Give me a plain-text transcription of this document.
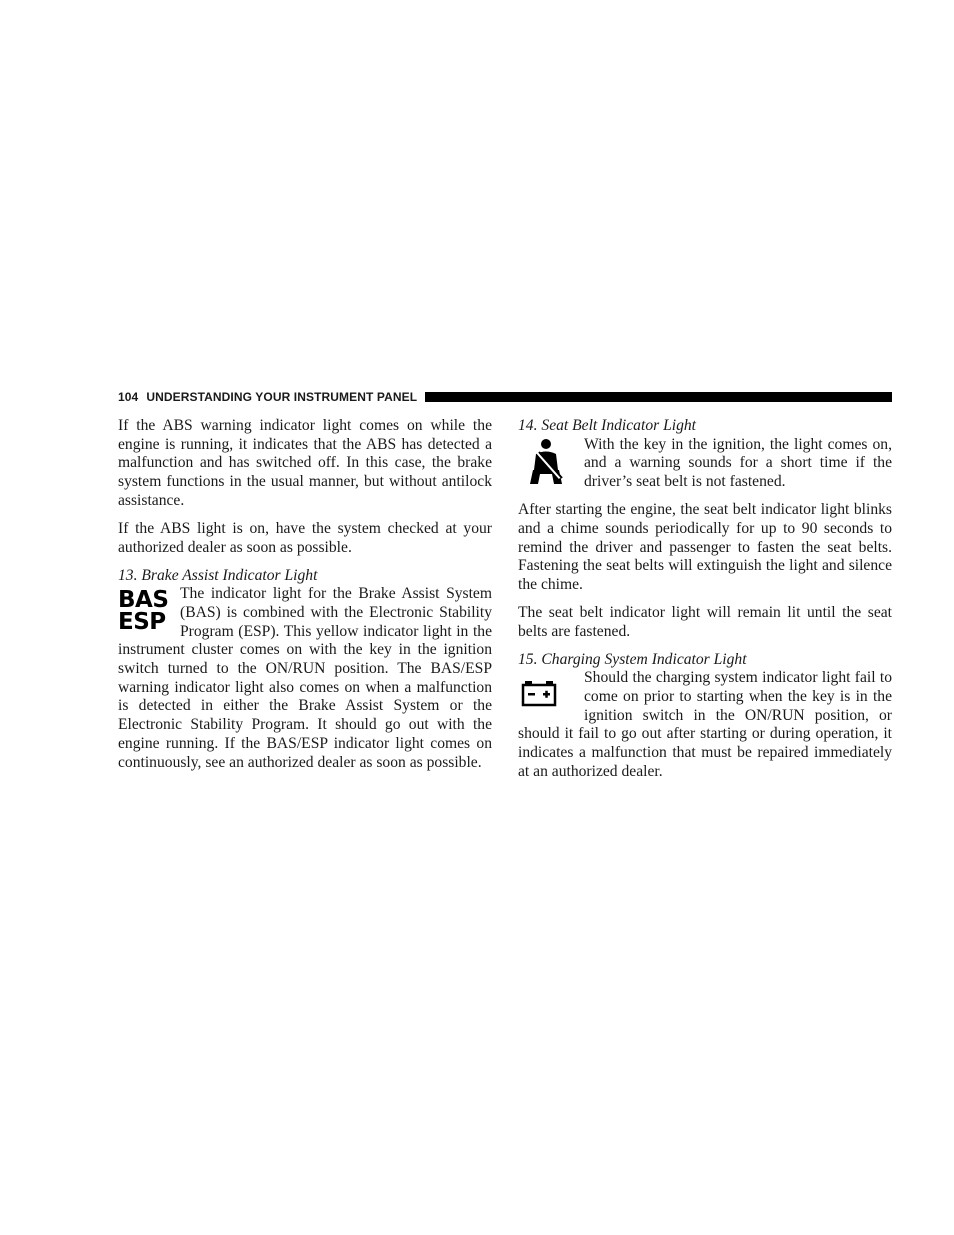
104 UNDERSTANDING YOUR INSTRUMENT PANEL

If the ABS warning indicator light comes on while the engine is running, it indicates that the ABS has detected a malfunction and has switched off. In this case, the brake system functions in the usual manner, but without antilock assistance.

If the ABS light is on, have the system checked at your authorized dealer as soon as possible.

13. Brake Assist Indicator Light
BAS
ESP

The indicator light for the Brake Assist System (BAS) is combined with the Electronic Stability Program (ESP). This yellow indicator light in the instrument cluster comes on with the key in the ignition switch turned to the ON/RUN position. The BAS/ESP warning indicator light also comes on when a malfunction is detected in either the Brake Assist System or the Electronic Stability Program. It should go out with the engine running. If the BAS/ESP indicator light comes on continuously, see an authorized dealer as soon as possible.

14. Seat Belt Indicator Light

With the key in the ignition, the light comes on, and a warning sounds for a short time if the driver’s seat belt is not fastened.

After starting the engine, the seat belt indicator light blinks and a chime sounds periodically for up to 90 seconds to remind the driver and passenger to fasten the seat belts. Fastening the seat belts will extinguish the light and silence the chime.

The seat belt indicator light will remain lit until the seat belts are fastened.

15. Charging System Indicator Light

Should the charging system indicator light fail to come on prior to starting when the key is in the ignition switch in the ON/RUN position, or should it fail to go out after starting or during operation, it indicates a malfunction that must be repaired immediately at an authorized dealer.
